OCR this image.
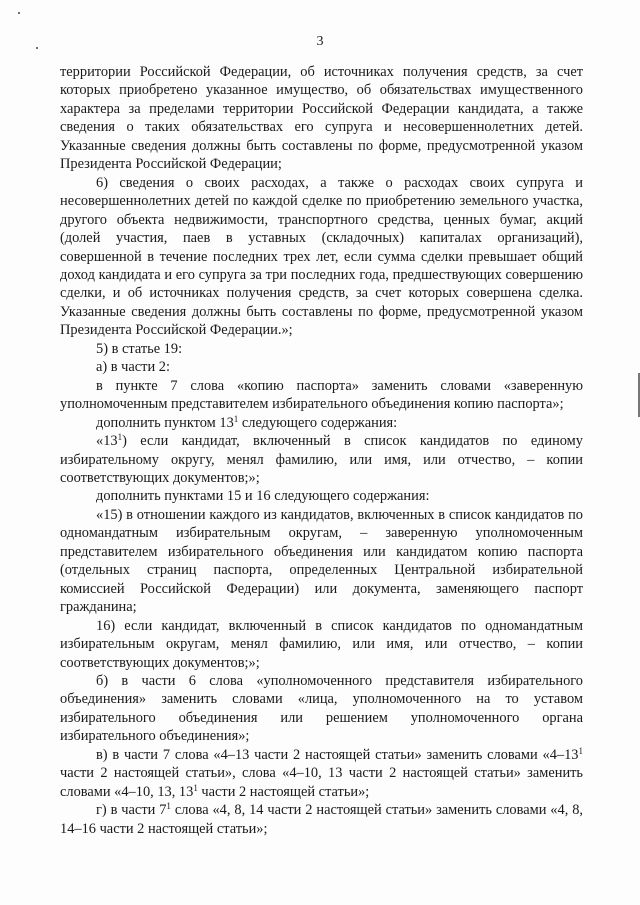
3

территории Российской Федерации, об источниках получения средств, за счет которых приобретено указанное имущество, об обязательствах имущественного характера за пределами территории Российской Федерации кандидата, а также сведения о таких обязательствах его супруга и несовершеннолетних детей. Указанные сведения должны быть составлены по форме, предусмотренной указом Президента Российской Федерации;

6) сведения о своих расходах, а также о расходах своих супруга и несовершеннолетних детей по каждой сделке по приобретению земельного участка, другого объекта недвижимости, транспортного средства, ценных бумаг, акций (долей участия, паев в уставных (складочных) капиталах организаций), совершенной в течение последних трех лет, если сумма сделки превышает общий доход кандидата и его супруга за три последних года, предшествующих совершению сделки, и об источниках получения средств, за счет которых совершена сделка. Указанные сведения должны быть составлены по форме, предусмотренной указом Президента Российской Федерации.»;

5) в статье 19:

а) в части 2:

в пункте 7 слова «копию паспорта» заменить словами «заверенную уполномоченным представителем избирательного объединения копию паспорта»;

дополнить пунктом $13^1$ следующего содержания:

«$13^1$) если кандидат, включенный в список кандидатов по единому избирательному округу, менял фамилию, или имя, или отчество, – копии соответствующих документов;»;

дополнить пунктами 15 и 16 следующего содержания:

«15) в отношении каждого из кандидатов, включенных в список кандидатов по одномандатным избирательным округам, – заверенную уполномоченным представителем избирательного объединения или кандидатом копию паспорта (отдельных страниц паспорта, определенных Центральной избирательной комиссией Российской Федерации) или документа, заменяющего паспорт гражданина;

16) если кандидат, включенный в список кандидатов по одномандатным избирательным округам, менял фамилию, или имя, или отчество, – копии соответствующих документов;»;

б) в части 6 слова «уполномоченного представителя избирательного объединения» заменить словами «лица, уполномоченного на то уставом избирательного объединения или решением уполномоченного органа избирательного объединения»;

в) в части 7 слова «4–13 части 2 настоящей статьи» заменить словами «$4-13^1$ части 2 настоящей статьи», слова «4–10, 13 части 2 настоящей статьи» заменить словами «4–10, 13, $13^1$ части 2 настоящей статьи»;

г) в части $7^1$ слова «4, 8, 14 части 2 настоящей статьи» заменить словами «4, 8, 14–16 части 2 настоящей статьи»;
